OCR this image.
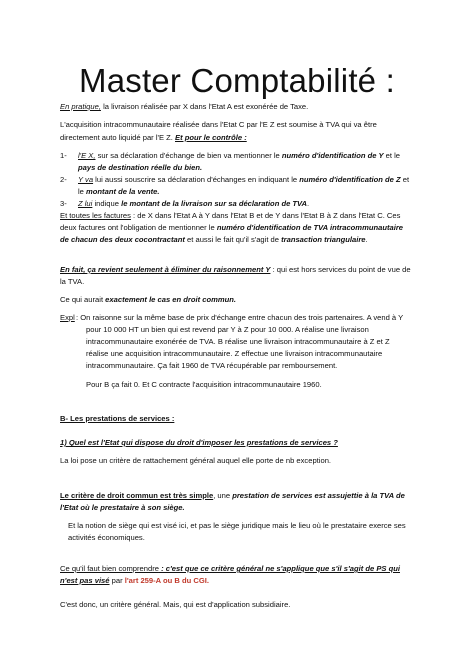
Master Comptabilité :

En pratique, la livraison réalisée par X dans l'Etat A est exonérée de Taxe.

L'acquisition intracommunautaire réalisée dans l'Etat C par l'E Z est soumise à TVA qui va être

directement auto liquidé par l'E Z. Et pour le contrôle :

1-	l'E X, sur sa déclaration d'échange de bien va mentionner le numéro d'identification de Y et le

pays de destination réelle du bien.

2-	Y va lui aussi souscrire sa déclaration d'échanges en indiquant le numéro d'identification de Z et

le montant de la vente.

3-	Z lui indique le montant de la livraison sur sa déclaration de TVA.

Et toutes les factures : de X dans l'Etat A à Y dans l'Etat B et de Y dans l'Etat B à Z dans l'Etat C. Ces

deux factures ont l'obligation de mentionner le numéro d'identification de TVA intracommunautaire

de chacun des deux cocontractant et aussi le fait qu'il s'agit de transaction triangulaire.

En fait, ça revient seulement à éliminer du raisonnement Y : qui est hors services du point de vue de

la TVA.

Ce qui aurait exactement le cas en droit commun.

Expl : On raisonne sur la même base de prix d'échange entre chacun des trois partenaires. A vend à Y

pour 10 000 HT un bien qui est revend par Y à Z pour 10 000. A réalise une livraison

intracommunautaire exonérée de TVA. B réalise une livraison intracommunautaire à Z et Z

réalise une acquisition intracommunautaire. Z effectue une livraison intracommunautaire

intracommunautaire. Ça fait 1960 de TVA récupérable par remboursement.

Pour B ça fait 0. Et C contracte l'acquisition intracommunautaire 1960.

B- Les prestations de services :

1) Quel est l'Etat qui dispose du droit d'imposer les prestations de services ?

La loi pose un critère de rattachement général auquel elle porte de nb exception.

Le critère de droit commun est très simple, une prestation de services est assujettie à la TVA de

l'Etat où le prestataire à son siège.

Et la notion de siège qui est visé ici, et pas le siège juridique mais le lieu où le prestataire exerce ses

activités économiques.

Ce qu'il faut bien comprendre : c'est que ce critère général ne s'applique que s'il s'agit de PS qui

n'est pas visé par l'art 259-A ou B du CGI.

C'est donc, un critère général. Mais, qui est d'application subsidiaire.
